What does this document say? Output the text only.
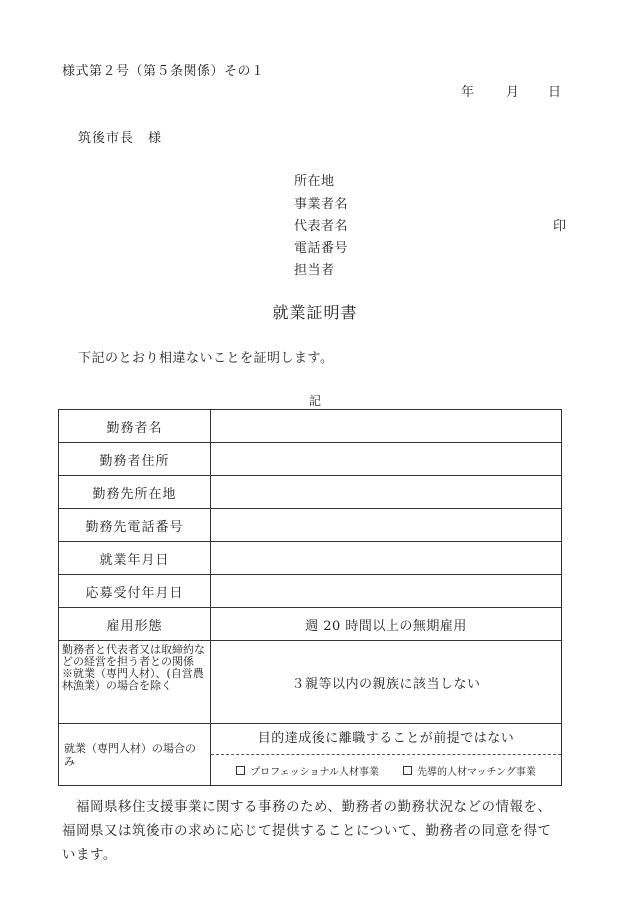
様式第２号（第５条関係）その１
年 月 日
筑後市長　様
所在地
事業者名
代表者名
電話番号
担当者
印
就業証明書
下記のとおり相違ないことを証明します。
記
勤務者名	
勤務者住所	
勤務先所在地	
勤務先電話番号	
就業年月日	
応募受付年月日	
雇用形態	週 20 時間以上の無期雇用
勤務者と代表者又は取締約などの経営を担う者との関係
※就業（専門人材）、(自営農林漁業）の場合を除く	３親等以内の親族に該当しない
就業（専門人材）の場合のみ	目的達成後に離職することが前提ではない
プロフェッショナル人材事業 先導的人材マッチング事業
福岡県移住支援事業に関する事務のため、勤務者の勤務状況などの情報を、福岡県又は筑後市の求めに応じて提供することについて、勤務者の同意を得ています。
